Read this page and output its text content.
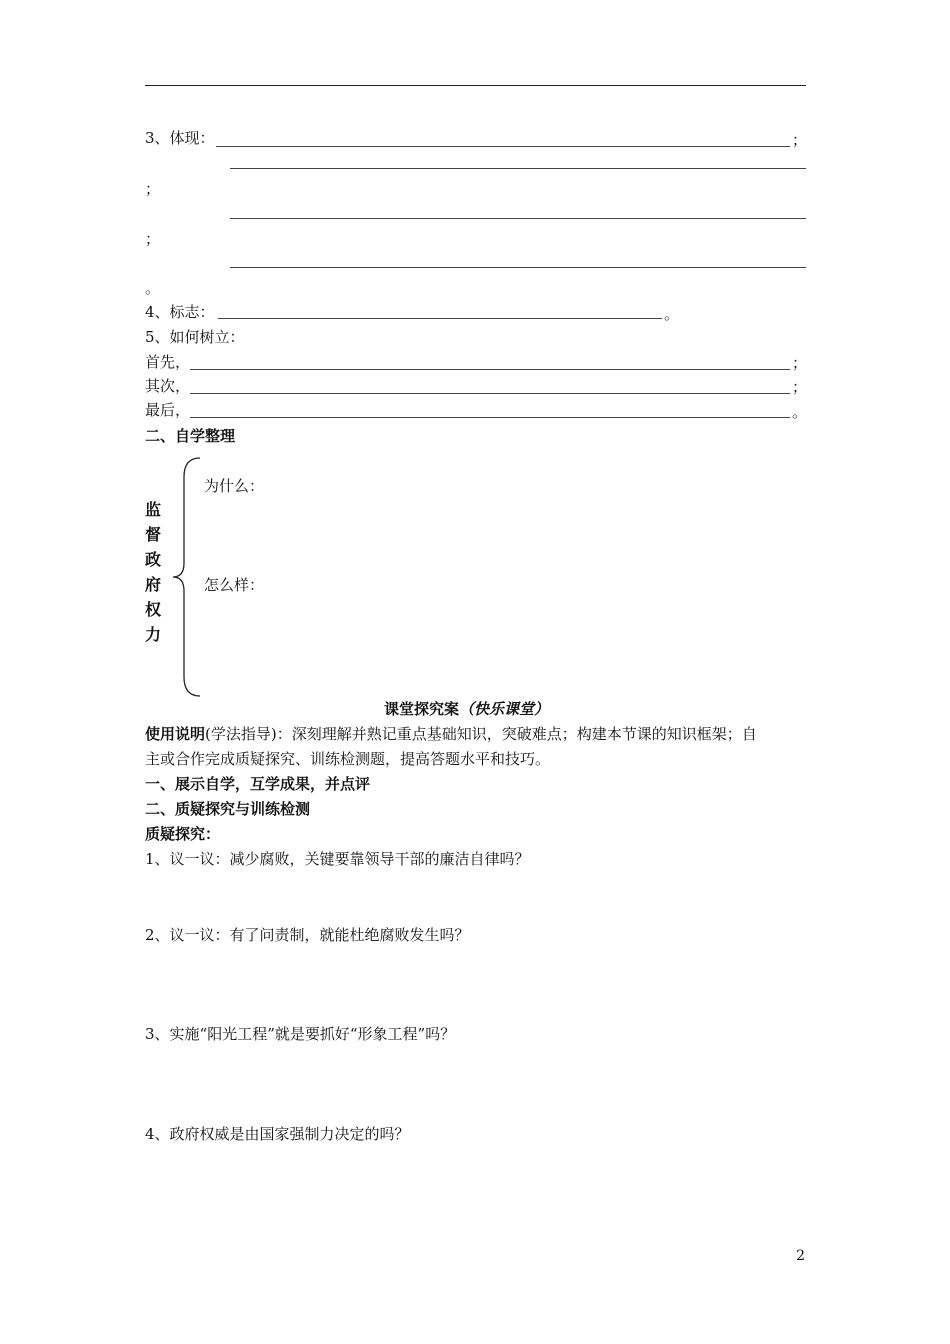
3、体现：	；
；
；
。
4、标志：	。
5、如何树立：
首先，	；
其次，	；
最后，	。
二、自学整理
监
督
政
府
权
力
为什么：
怎么样：
课堂探究案（快乐课堂）
使用说明(学法指导)：深刻理解并熟记重点基础知识，突破难点；构建本节课的知识框架；自
主或合作完成质疑探究、训练检测题，提高答题水平和技巧。
一、展示自学，互学成果，并点评
二、质疑探究与训练检测
质疑探究：
1、议一议：减少腐败，关键要靠领导干部的廉洁自律吗？
2、议一议：有了问责制，就能杜绝腐败发生吗？
3、实施“阳光工程”就是要抓好“形象工程”吗？
4、政府权威是由国家强制力决定的吗？
2
